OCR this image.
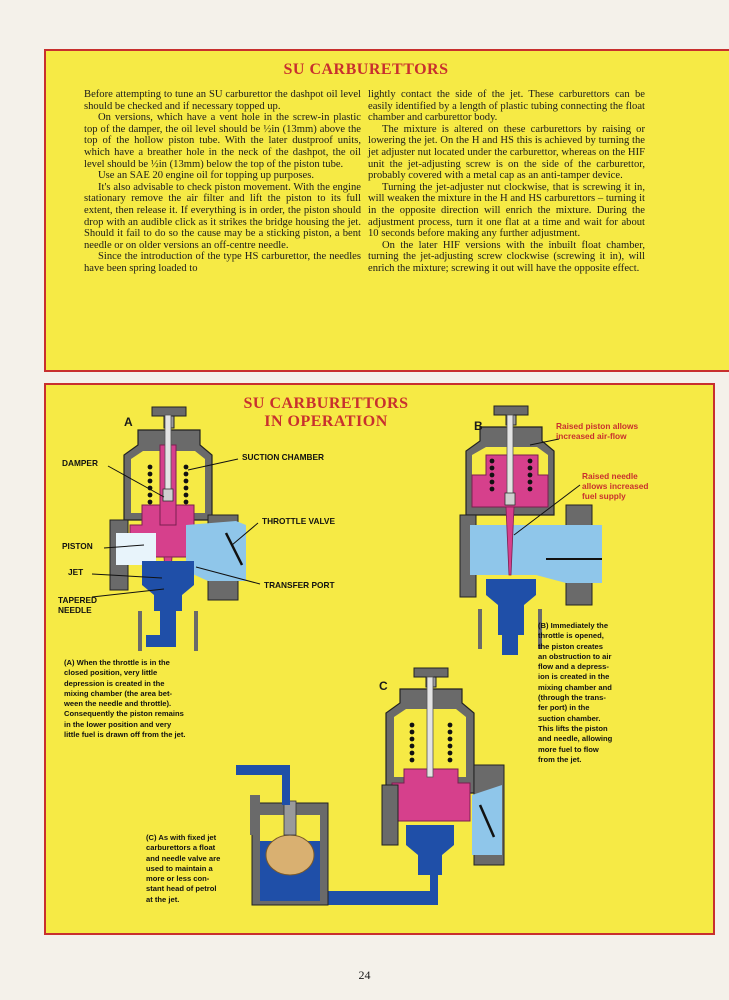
SU CARBURETTORS

Before attempting to tune an SU carburettor the dashpot oil level should be checked and if necessary topped up.

On versions, which have a vent hole in the screw-in plastic top of the damper, the oil level should be ½in (13mm) above the top of the hollow piston tube. With the later dustproof units, which have a breather hole in the neck of the dashpot, the oil level should be ½in (13mm) below the top of the piston tube.

Use an SAE 20 engine oil for topping up purposes.

It's also advisable to check piston movement. With the engine stationary remove the air filter and lift the piston to its full extent, then release it. If everything is in order, the piston should drop with an audible click as it strikes the bridge housing the jet. Should it fail to do so the cause may be a sticking piston, a bent needle or on older versions an off-centre needle.

Since the introduction of the type HS carburettor, the needles have been spring loaded to

lightly contact the side of the jet. These carburettors can be easily identified by a length of plastic tubing connecting the float chamber and carburettor body.

The mixture is altered on these carburettors by raising or lowering the jet. On the H and HS this is achieved by turning the jet adjuster nut located under the carburettor, whereas on the HIF unit the jet-adjusting screw is on the side of the carburettor, probably covered with a metal cap as an anti-tamper device.

Turning the jet-adjuster nut clockwise, that is screwing it in, will weaken the mixture in the H and HS carburettors – turning it in the opposite direction will enrich the mixture. During the adjustment process, turn it one flat at a time and wait for about 10 seconds before making any further adjustment.

On the later HIF versions with the inbuilt float chamber, turning the jet-adjusting screw clockwise (screwing it in), will enrich the mixture; screwing it out will have the opposite effect.

SU CARBURETTORS
IN OPERATION
A	B
C
DAMPER
SUCTION CHAMBER
THROTTLE VALVE
PISTON
JET
TRANSFER PORT
TAPERED
NEEDLE
Raised piston allows
increased air-flow
Raised needle
allows increased
fuel supply
(A) When the throttle is in the
closed position, very little
depression is created in the
mixing chamber (the area bet-
ween the needle and throttle).
Consequently the piston remains
in the lower position and very
little fuel is drawn off from the jet.
(B) Immediately the
throttle is opened,
the piston creates
an obstruction to air
flow and a depress-
ion is created in the
mixing chamber and
(through the trans-
fer port) in the
suction chamber.
This lifts the piston
and needle, allowing
more fuel to flow
from the jet.
(C) As with fixed jet
carburettors a float
and needle valve are
used to maintain a
more or less con-
stant head of petrol
at the jet.
24
